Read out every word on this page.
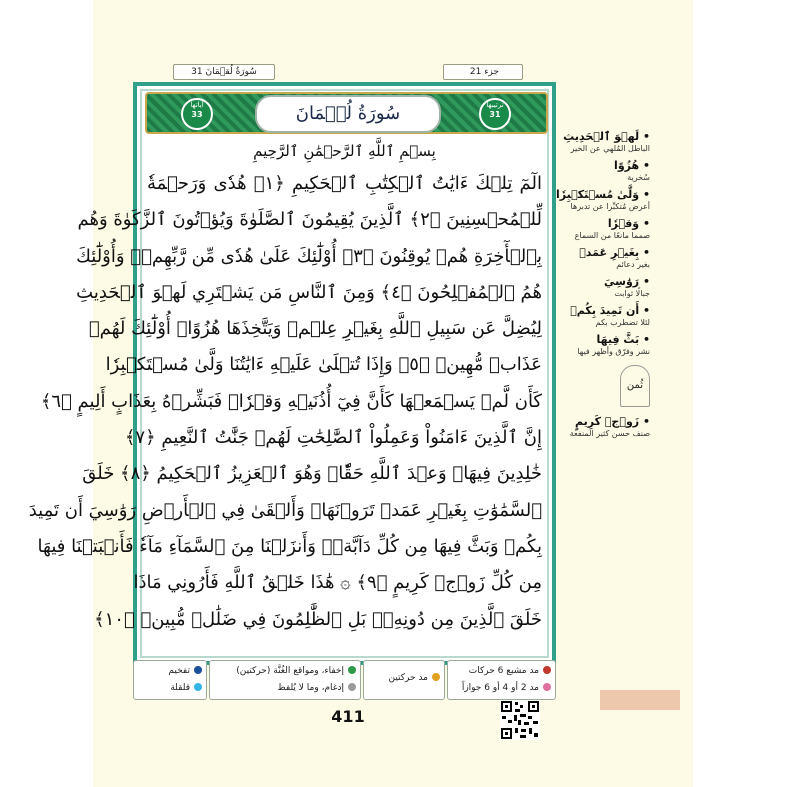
سُورَةُ لُقۡمَانَ 31	جزء 21
آياتها
33	سُورَةُ لُقۡمَانَ	ترتيبها
31
بِسۡمِ ٱللَّهِ ٱلرَّحۡمَٰنِ ٱلرَّحِيمِ
الٓمٓ تِلۡكَ ءَايَٰتُ ٱلۡكِتَٰبِ ٱلۡحَكِيمِ ﴿١﴾ هُدٗى وَرَحۡمَةٗ
لِّلۡمُحۡسِنِينَ ﴿٢﴾ ٱلَّذِينَ يُقِيمُونَ ٱلصَّلَوٰةَ وَيُؤۡتُونَ ٱلزَّكَوٰةَ وَهُم
بِٱلۡأٓخِرَةِ هُمۡ يُوقِنُونَ ﴿٣﴾ أُوْلَٰٓئِكَ عَلَىٰ هُدٗى مِّن رَّبِّهِمۡۖ وَأُوْلَٰٓئِكَ
هُمُ ٱلۡمُفۡلِحُونَ ﴿٤﴾ وَمِنَ ٱلنَّاسِ مَن يَشۡتَرِي لَهۡوَ ٱلۡحَدِيثِ
لِيُضِلَّ عَن سَبِيلِ ٱللَّهِ بِغَيۡرِ عِلۡمٖ وَيَتَّخِذَهَا هُزُوًاۚ أُوْلَٰٓئِكَ لَهُمۡ
عَذَابٞ مُّهِينٞ ﴿٥﴾ وَإِذَا تُتۡلَىٰ عَلَيۡهِ ءَايَٰتُنَا وَلَّىٰ مُسۡتَكۡبِرٗا
كَأَن لَّمۡ يَسۡمَعۡهَا كَأَنَّ فِيٓ أُذُنَيۡهِ وَقۡرٗاۖ فَبَشِّرۡهُ بِعَذَابٍ أَلِيمٍ ﴿٦﴾
إِنَّ ٱلَّذِينَ ءَامَنُواْ وَعَمِلُواْ ٱلصَّٰلِحَٰتِ لَهُمۡ جَنَّٰتُ ٱلنَّعِيمِ ﴿٧﴾
خَٰلِدِينَ فِيهَاۖ وَعۡدَ ٱللَّهِ حَقّٗاۚ وَهُوَ ٱلۡعَزِيزُ ٱلۡحَكِيمُ ﴿٨﴾ خَلَقَ
ٱلسَّمَٰوَٰتِ بِغَيۡرِ عَمَدٖ تَرَوۡنَهَاۖ وَأَلۡقَىٰ فِي ٱلۡأَرۡضِ رَوَٰسِيَ أَن تَمِيدَ
بِكُمۡ وَبَثَّ فِيهَا مِن كُلِّ دَآبَّةٖۚ وَأَنزَلۡنَا مِنَ ٱلسَّمَآءِ مَآءٗ فَأَنۢبَتۡنَا فِيهَا
مِن كُلِّ زَوۡجٖ كَرِيمٍ ﴿٩﴾ ۞ هَٰذَا خَلۡقُ ٱللَّهِ فَأَرُونِي مَاذَا
خَلَقَ ٱلَّذِينَ مِن دُونِهِۦۚ بَلِ ٱلظَّٰلِمُونَ فِي ضَلَٰلٖ مُّبِينٖ ﴿١٠﴾
• لَهۡوَ ٱلۡحَدِيثِ
الباطل المُلهي عن الخير
• هُزُوًا
سُخرية
• وَلَّىٰ مُسۡتَكۡبِرٗا
أعرض مُتكبِّرا عن تدبرها
• وَقۡرٗا
صمما مانعًا من السماع
• بِغَيۡرِ عَمَدٖ
بغير دعائم
• رَوَٰسِيَ
جبالًا ثوابت
• أَن تَمِيدَ بِكُمۡ
لئلا تضطرب بكم
• بَثَّ فِيهَا
نشر وفرّق وأظهر فيها
ثُمن
• زَوۡجٖ كَرِيمٍ
صنف حسن كثير المنفعة
تفخيم
قلقلة
إخفاء، ومواقع الغُنَّة (حركتين)
إدغام، وما لا يُلفظ
مد حركتين
مد مشبع 6 حركات
مد 2 أو 4 أو 6 جوازاً
411
